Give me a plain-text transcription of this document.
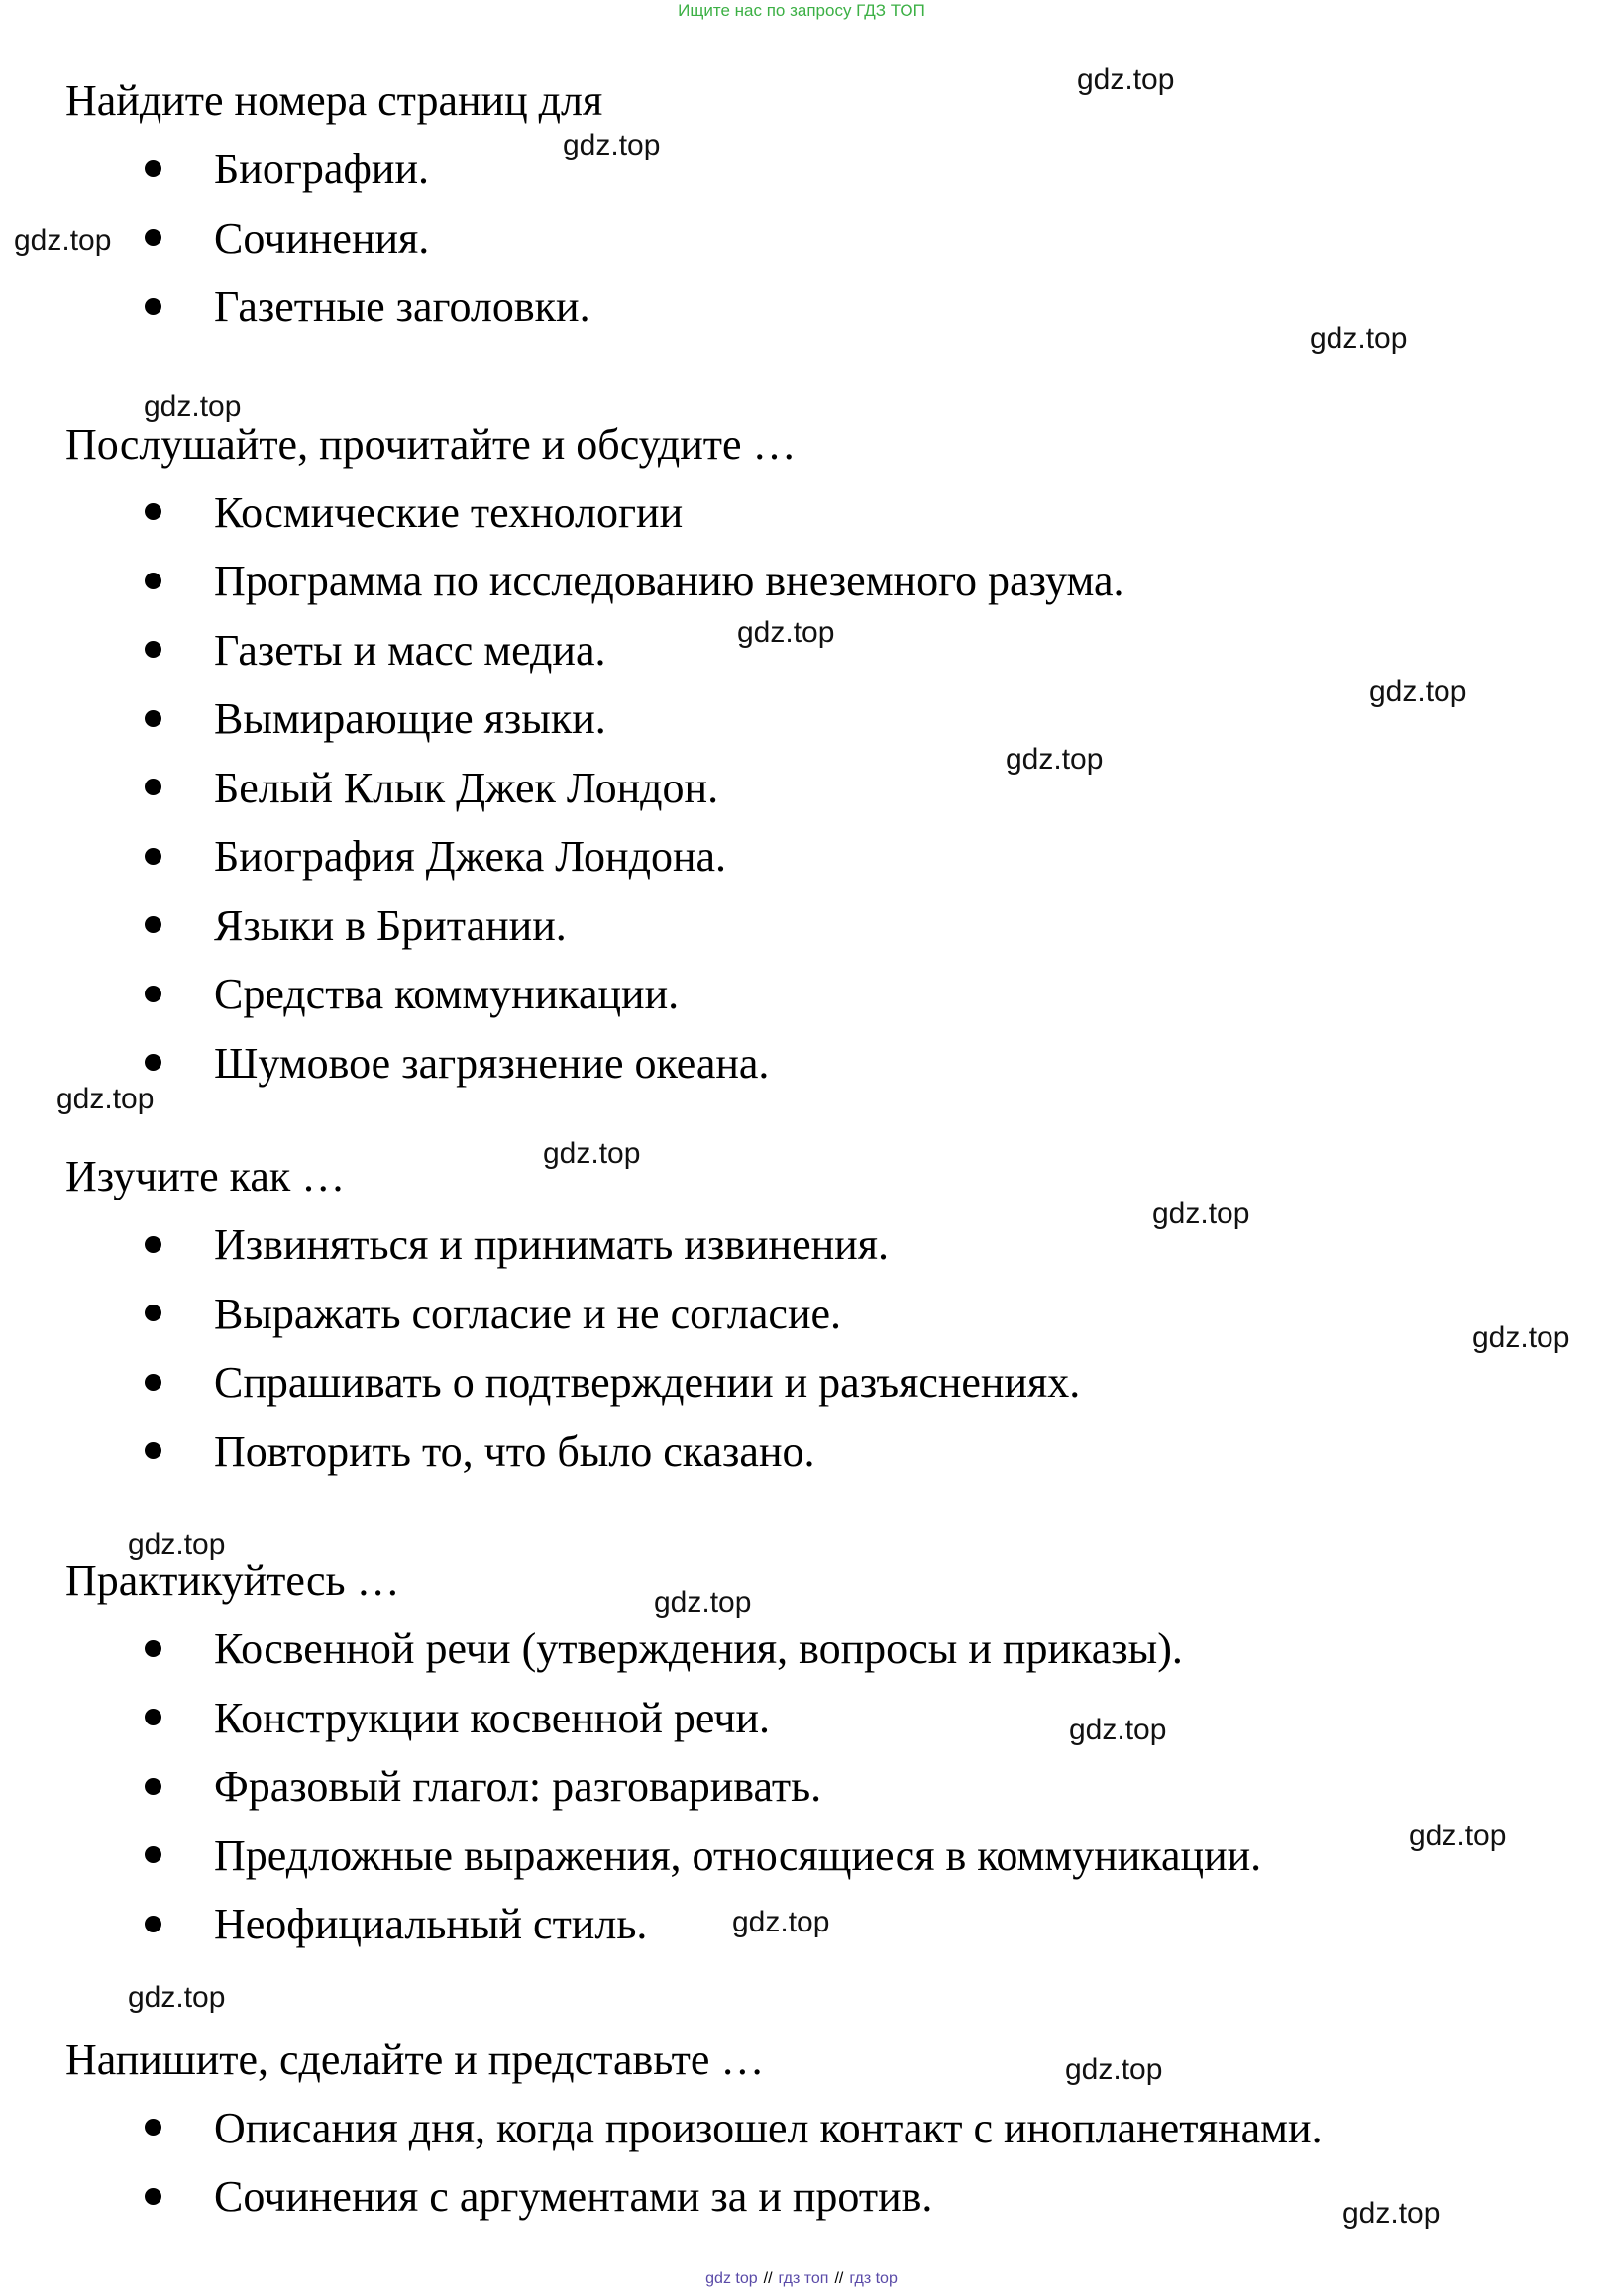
Ищите нас по запросу ГДЗ ТОП
Найдите номера страниц для
Биографии.
Сочинения.
Газетные заголовки.
Послушайте, прочитайте и обсудите …
Космические технологии
Программа по исследованию внеземного разума.
Газеты и масс медиа.
Вымирающие языки.
Белый Клык Джек Лондон.
Биография Джека Лондона.
Языки в Британии.
Средства коммуникации.
Шумовое загрязнение океана.
Изучите как …
Извиняться и принимать извинения.
Выражать согласие и не согласие.
Спрашивать о подтверждении и разъяснениях.
Повторить то, что было сказано.
Практикуйтесь …
Косвенной речи (утверждения, вопросы и приказы).
Конструкции косвенной речи.
Фразовый глагол: разговаривать.
Предложные выражения, относящиеся в коммуникации.
Неофициальный стиль.
Напишите, сделайте и представьте …
Описания дня, когда произошел контакт с инопланетянами.
Сочинения с аргументами за и против.
gdz.top
gdz.top
gdz.top
gdz.top
gdz.top
gdz.top
gdz.top
gdz.top
gdz.top
gdz.top
gdz.top
gdz.top
gdz.top
gdz.top
gdz.top
gdz.top
gdz.top
gdz.top
gdz.top
gdz.top
gdz top // гдз топ // гдз top
